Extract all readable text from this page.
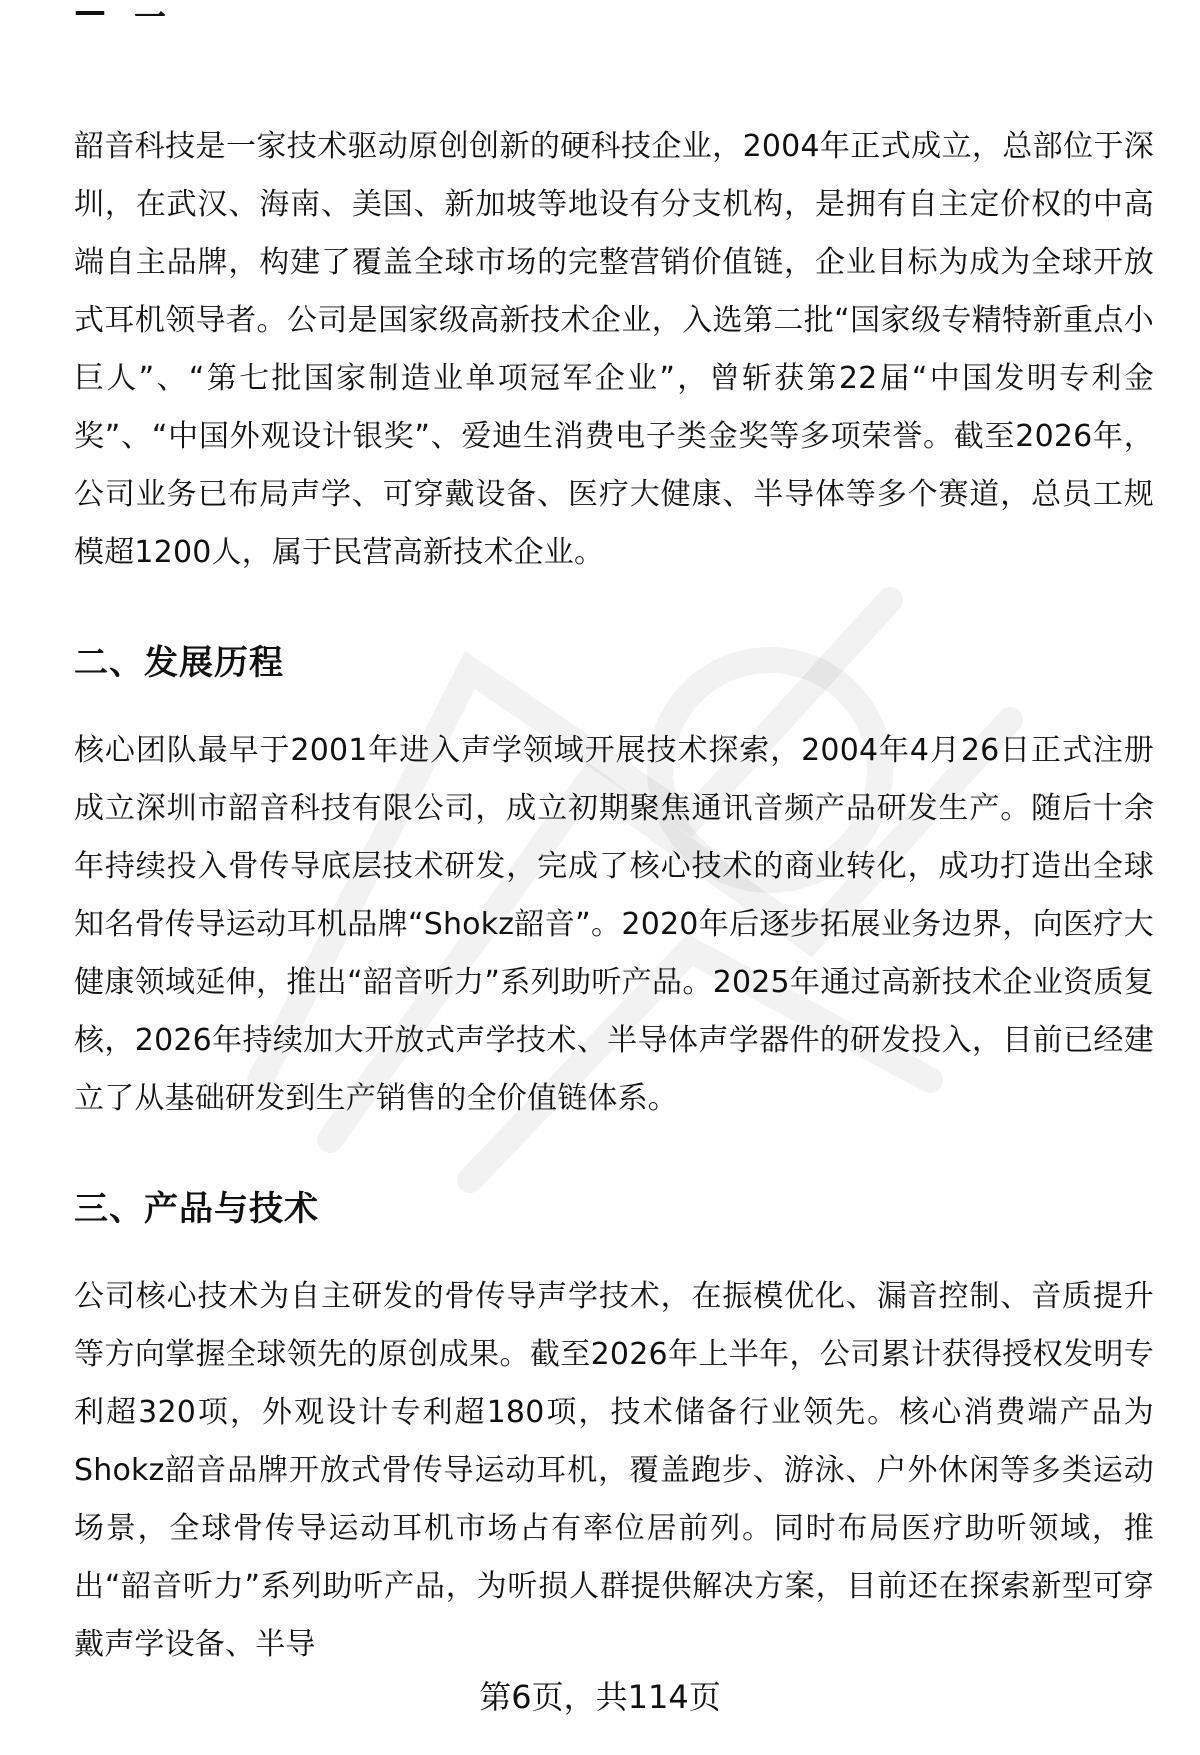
— 一

韶音科技是一家技术驱动原创创新的硬科技企业，2004年正式成立，总部位于深圳，在武汉、海南、美国、新加坡等地设有分支机构，是拥有自主定价权的中高端自主品牌，构建了覆盖全球市场的完整营销价值链，企业目标为成为全球开放式耳机领导者。公司是国家级高新技术企业，入选第二批“国家级专精特新重点小巨人”、“第七批国家制造业单项冠军企业”，曾斩获第22届“中国发明专利金奖”、“中国外观设计银奖”、爱迪生消费电子类金奖等多项荣誉。截至2026年，公司业务已布局声学、可穿戴设备、医疗大健康、半导体等多个赛道，总员工规模超1200人，属于民营高新技术企业。

二、发展历程

核心团队最早于2001年进入声学领域开展技术探索，2004年4月26日正式注册成立深圳市韶音科技有限公司，成立初期聚焦通讯音频产品研发生产。随后十余年持续投入骨传导底层技术研发，完成了核心技术的商业转化，成功打造出全球知名骨传导运动耳机品牌“Shokz韶音”。2020年后逐步拓展业务边界，向医疗大健康领域延伸，推出“韶音听力”系列助听产品。2025年通过高新技术企业资质复核，2026年持续加大开放式声学技术、半导体声学器件的研发投入，目前已经建立了从基础研发到生产销售的全价值链体系。

三、产品与技术

公司核心技术为自主研发的骨传导声学技术，在振模优化、漏音控制、音质提升等方向掌握全球领先的原创成果。截至2026年上半年，公司累计获得授权发明专利超320项，外观设计专利超180项，技术储备行业领先。核心消费端产品为Shokz韶音品牌开放式骨传导运动耳机，覆盖跑步、游泳、户外休闲等多类运动场景，全球骨传导运动耳机市场占有率位居前列。同时布局医疗助听领域，推出“韶音听力”系列助听产品，为听损人群提供解决方案，目前还在探索新型可穿戴声学设备、半导

第6页，共114页
